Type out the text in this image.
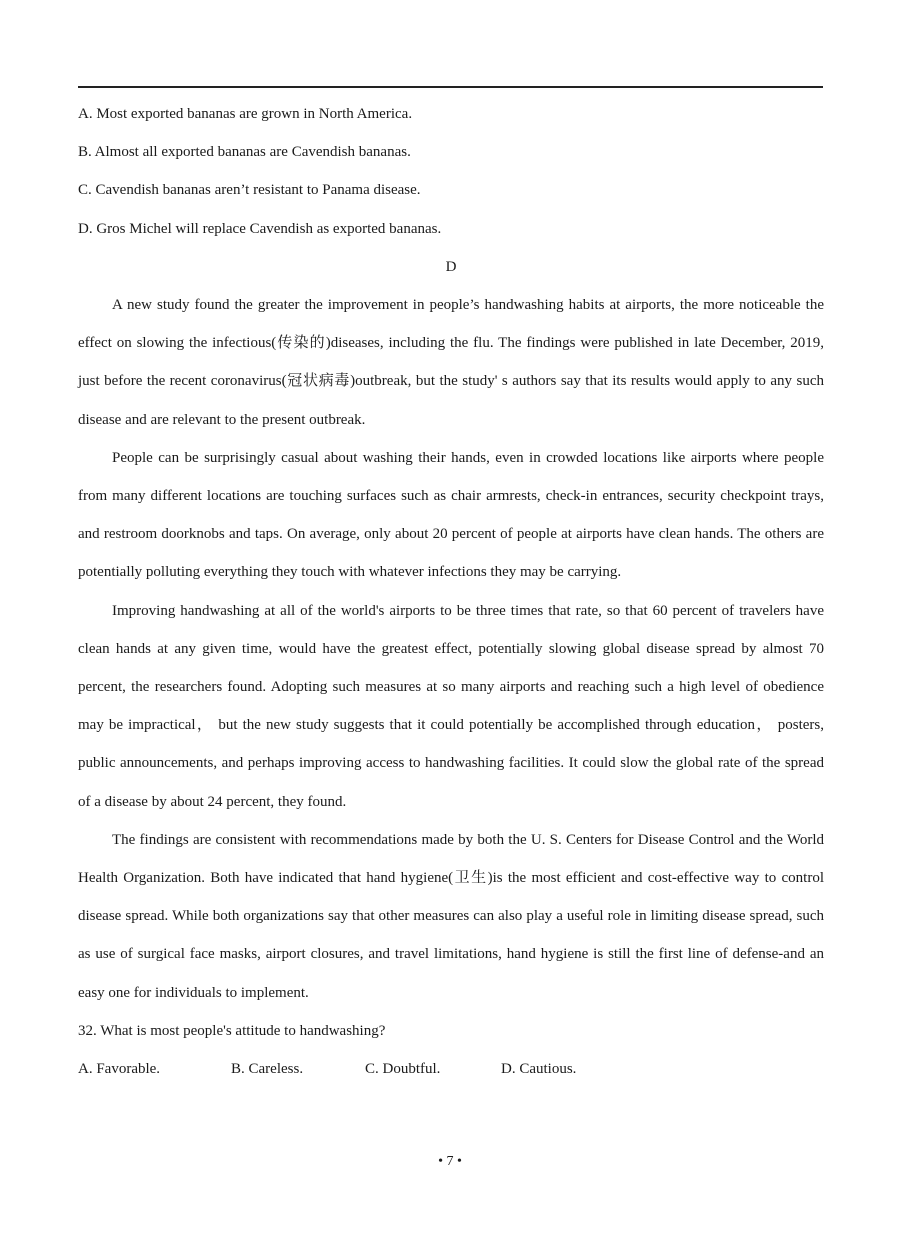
A. Most exported bananas are grown in North America.
B. Almost all exported bananas are Cavendish bananas.
C. Cavendish bananas aren’t resistant to Panama disease.
D. Gros Michel will replace Cavendish as exported bananas.
D
A new study found the greater the improvement in people’s handwashing habits at airports, the more noticeable the effect on slowing the infectious(传染的)diseases, including the flu. The findings were published in late December, 2019, just before the recent coronavirus(冠状病毒)outbreak, but the study' s authors say that its results would apply to any such disease and are relevant to the present outbreak.
People can be surprisingly casual about washing their hands, even in crowded locations like airports where people from many different locations are touching surfaces such as chair armrests, check-in entrances, security checkpoint trays, and restroom doorknobs and taps. On average, only about 20 percent of people at airports have clean hands. The others are potentially polluting everything they touch with whatever infections they may be carrying.
Improving handwashing at all of the world's airports to be three times that rate, so that 60 percent of travelers have clean hands at any given time, would have the greatest effect, potentially slowing global disease spread by almost 70 percent, the researchers found. Adopting such measures at so many airports and reaching such a high level of obedience may be impractical， but the new study suggests that it could potentially be accomplished through education， posters, public announcements, and perhaps improving access to handwashing facilities. It could slow the global rate of the spread of a disease by about 24 percent, they found.
The findings are consistent with recommendations made by both the U. S. Centers for Disease Control and the World Health Organization. Both have indicated that hand hygiene(卫生)is the most efficient and cost-effective way to control disease spread. While both organizations say that other measures can also play a useful role in limiting disease spread, such as use of surgical face masks, airport closures, and travel limitations, hand hygiene is still the first line of defense-and an easy one for individuals to implement.
32. What is most people's attitude to handwashing?
A. Favorable.	B. Careless.	C. Doubtful.	D. Cautious.
• 7 •
